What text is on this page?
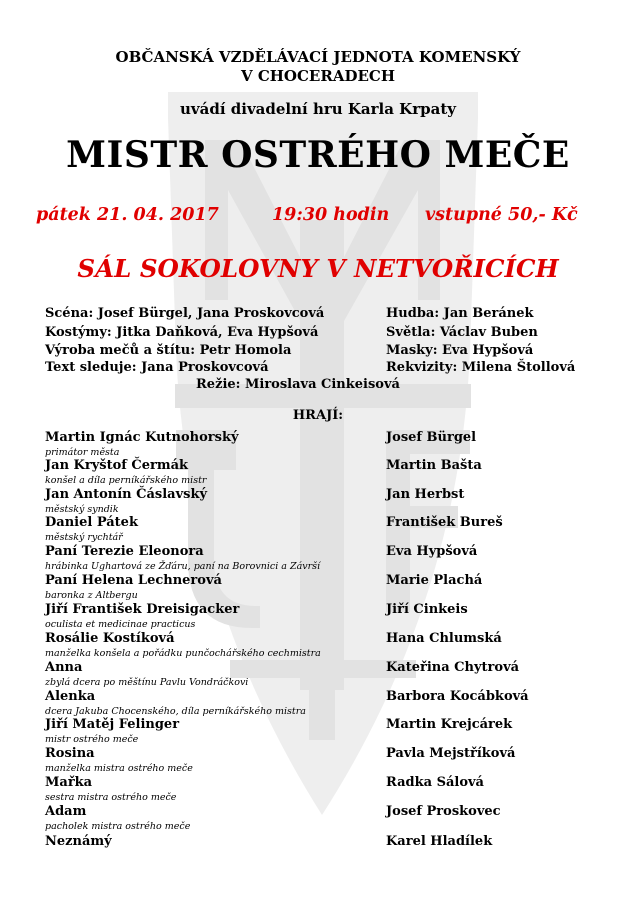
OBČANSKÁ VZDĚLÁVACÍ JEDNOTA KOMENSKÝ
V CHOCERADECH
uvádí divadelní hru Karla Krpaty
MISTR OSTRÉHO MEČE
pátek 21. 04. 2017	19:30 hodin vstupné 50,- Kč
SÁL SOKOLOVNY V NETVOŘICÍCH
Scéna: Josef Bürgel, Jana Proskovcová
Kostýmy: Jitka Daňková, Eva Hypšová
Výroba mečů a štítu: Petr Homola
Text sleduje: Jana Proskovcová
Hudba: Jan Beránek
Světla: Václav Buben
Masky: Eva Hypšová
Rekvizity: Milena Štollová
Režie: Miroslava Cinkeisová
HRAJÍ:
Martin Ignác Kutnohorský
primátor města
Josef Bürgel
Jan Kryštof Čermák
konšel a díla perníkářského mistr
Martin Bašta
Jan Antonín Čáslavský
městský syndik
Jan Herbst
Daniel Pátek
městský rychtář
František Bureš
Paní Terezie Eleonora
hrábinka Ughartová ze Žďáru, paní na Borovnici a Závrší
Eva Hypšová
Paní Helena Lechnerová
baronka z Altbergu
Marie Plachá
Jiří František Dreisigacker
oculista et medicinae practicus
Jiří Cinkeis
Rosálie Kostíková
manželka konšela a pořádku punčochářského cechmistra
Hana Chlumská
Anna
zbylá dcera po měštínu Pavlu Vondráčkovi
Kateřina Chytrová
Alenka
dcera Jakuba Chocenského, díla perníkářského mistra
Barbora Kocábková
Jiří Matěj Felinger
mistr ostrého meče
Martin Krejcárek
Rosina
manželka mistra ostrého meče
Pavla Mejstříková
Mařka
sestra mistra ostrého meče
Radka Sálová
Adam
pacholek mistra ostrého meče
Josef Proskovec
Neznámý	Karel Hladílek
